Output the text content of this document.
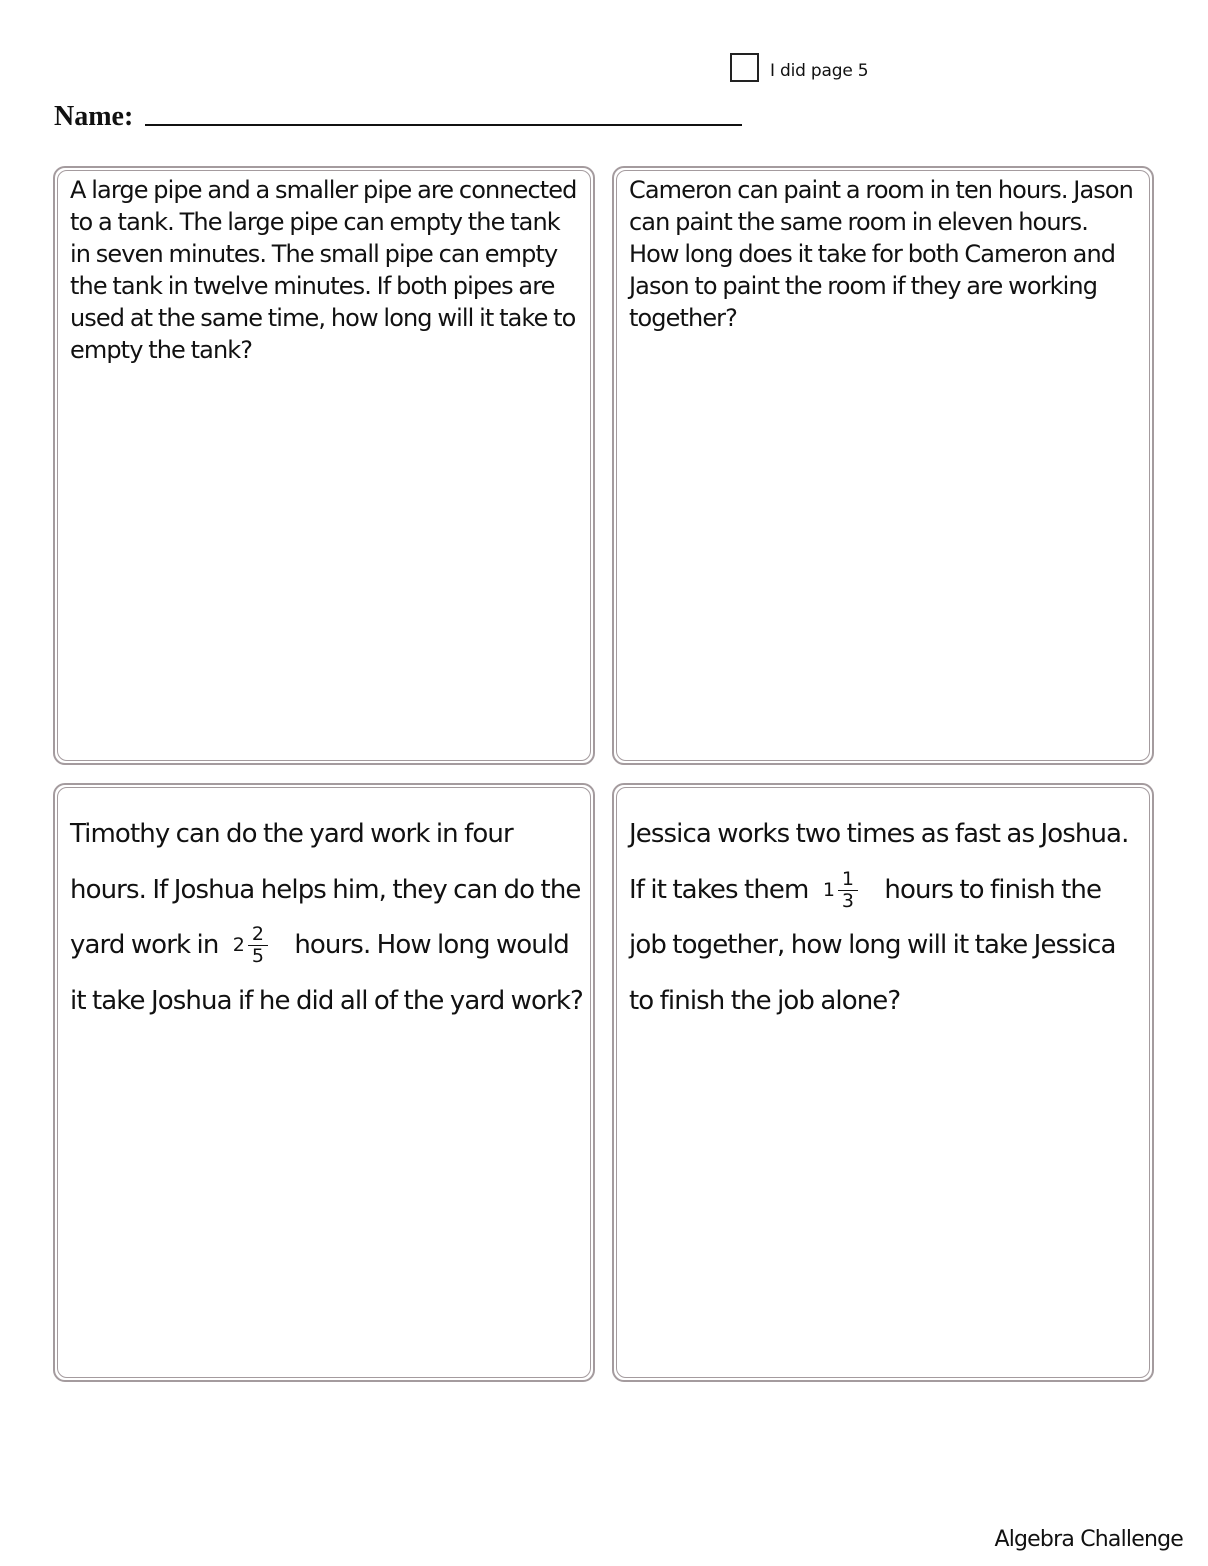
I did page 5
Name:
A large pipe and a smaller pipe are connected to a tank. The large pipe can empty the tank in seven minutes. The small pipe can empty the tank in twelve minutes. If both pipes are used at the same time, how long will it take to empty the tank?
Cameron can paint a room in ten hours. Jason can paint the same room in eleven hours. How long does it take for both Cameron and Jason to paint the room if they are working together?
Timothy can do the yard work in four hours. If Joshua helps him, they can do the yard work in $2 \frac{2}{5}$ hours. How long would it take Joshua if he did all of the yard work?
Jessica works two times as fast as Joshua. If it takes them $1 \frac{1}{3}$ hours to finish the job together, how long will it take Jessica to finish the job alone?
Algebra Challenge
